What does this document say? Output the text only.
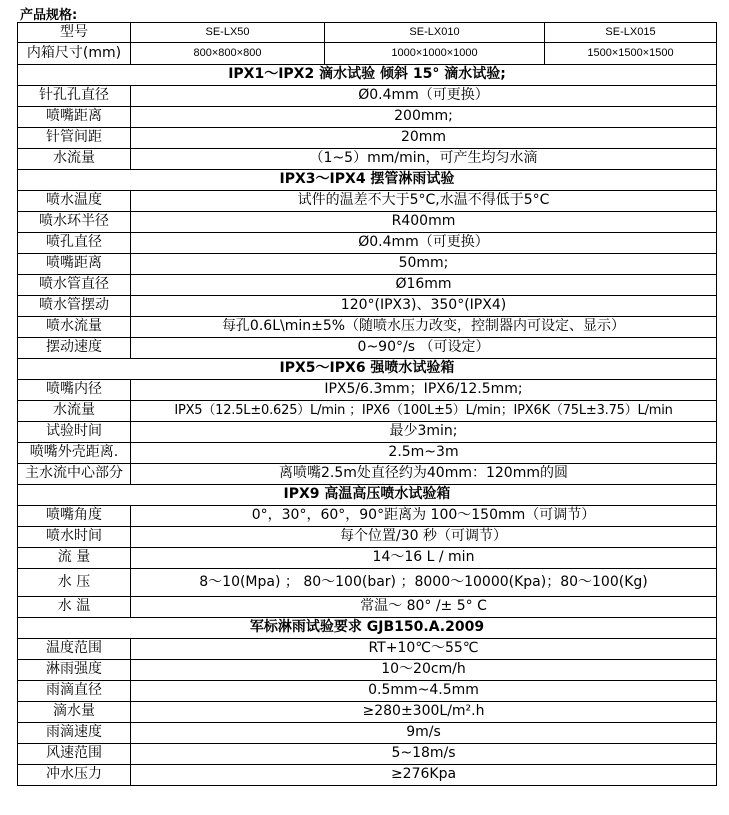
产品规格:
型号	SE-LX50	SE-LX010	SE-LX015
内箱尺寸(mm)	800×800×800	1000×1000×1000	1500×1500×1500
IPX1～IPX2 滴水试验 倾斜 15° 滴水试验;			
针孔孔直径	Ø0.4mm（可更换）		
喷嘴距离	200mm;		
针管间距	20mm		
水流量	（1~5）mm/min，可产生均匀水滴		
IPX3～IPX4 摆管淋雨试验			
喷水温度	试件的温差不大于5°C,水温不得低于5°C		
喷水环半径	R400mm		
喷孔直径	Ø0.4mm（可更换）		
喷嘴距离	50mm;		
喷水管直径	Ø16mm		
喷水管摆动	120°(IPX3)、350°(IPX4)		
喷水流量	每孔0.6L\min±5%（随喷水压力改变，控制器内可设定、显示）		
摆动速度	0~90°/s （可设定）		
IPX5～IPX6 强喷水试验箱			
喷嘴内径	IPX5/6.3mm；IPX6/12.5mm;		
水流量	IPX5（12.5L±0.625）L/min ；IPX6（100L±5）L/min；IPX6K（75L±3.75）L/min		
试验时间	最少3min;		
喷嘴外壳距离.	2.5m~3m		
主水流中心部分	离喷嘴2.5m处直径约为40mm：120mm的圆		
IPX9 高温高压喷水试验箱			
喷嘴角度	0°，30°，60°，90°距离为 100～150mm（可调节）		
喷水时间	每个位置/30 秒（可调节）		
流 量	14～16 L / min		
水 压	8～10(Mpa) ； 80～100(bar) ；8000～10000(Kpa)；80～100(Kg)		
水 温	常温～ 80° /± 5° C		
军标淋雨试验要求 GJB150.A.2009			
温度范围	RT+10℃～55℃		
淋雨强度	10～20cm/h		
雨滴直径	0.5mm~4.5mm		
滴水量	≥280±300L/m².h		
雨滴速度	9m/s		
风速范围	5~18m/s		
冲水压力	≥276Kpa		
